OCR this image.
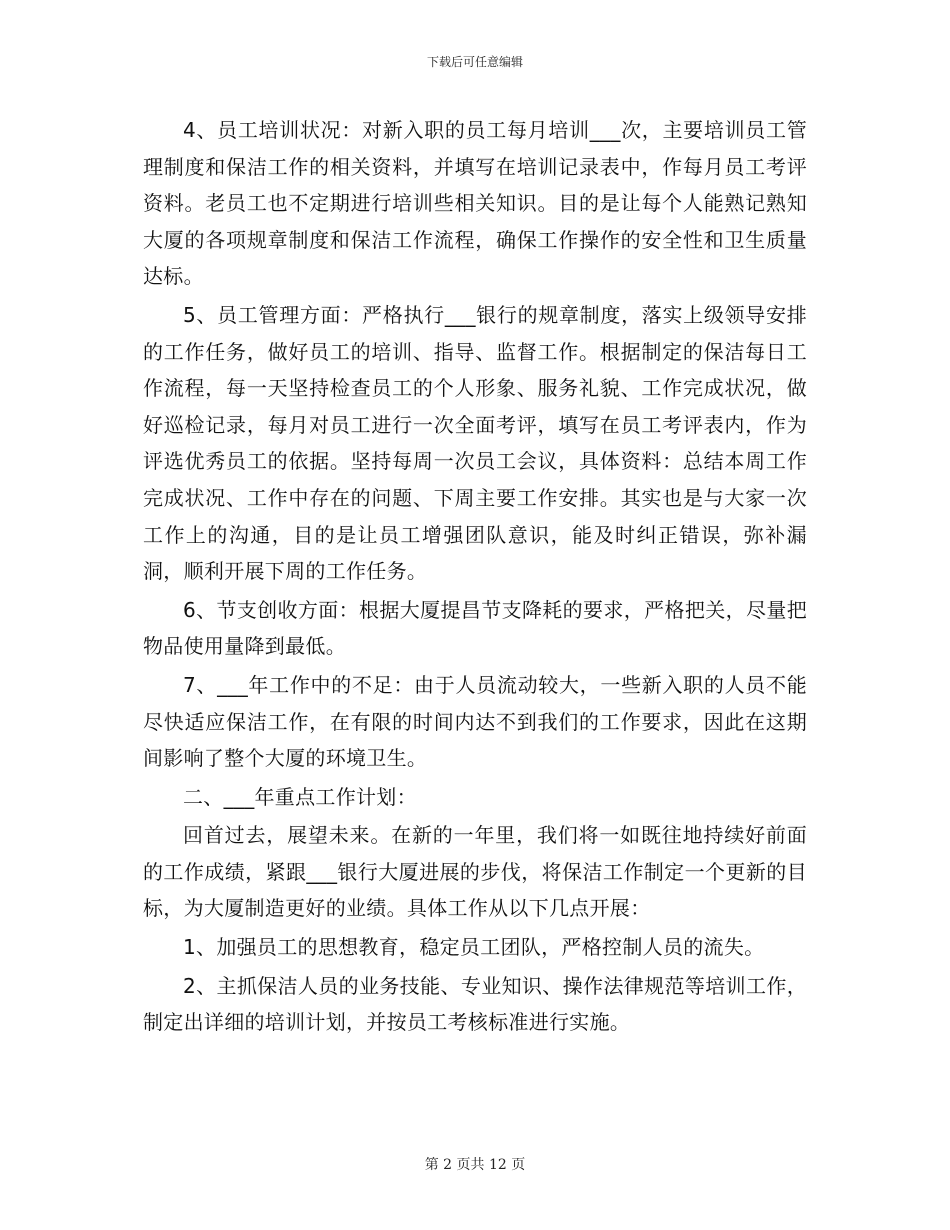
下载后可任意编辑

4、员工培训状况：对新入职的员工每月培训___次，主要培训员工管理制度和保洁工作的相关资料，并填写在培训记录表中，作每月员工考评资料。老员工也不定期进行培训些相关知识。目的是让每个人能熟记熟知大厦的各项规章制度和保洁工作流程，确保工作操作的安全性和卫生质量达标。

5、员工管理方面：严格执行___银行的规章制度，落实上级领导安排的工作任务，做好员工的培训、指导、监督工作。根据制定的保洁每日工作流程，每一天坚持检查员工的个人形象、服务礼貌、工作完成状况，做好巡检记录，每月对员工进行一次全面考评，填写在员工考评表内，作为评选优秀员工的依据。坚持每周一次员工会议，具体资料：总结本周工作完成状况、工作中存在的问题、下周主要工作安排。其实也是与大家一次工作上的沟通，目的是让员工增强团队意识，能及时纠正错误，弥补漏洞，顺利开展下周的工作任务。

6、节支创收方面：根据大厦提昌节支降耗的要求，严格把关，尽量把物品使用量降到最低。

7、___年工作中的不足：由于人员流动较大，一些新入职的人员不能尽快适应保洁工作，在有限的时间内达不到我们的工作要求，因此在这期间影响了整个大厦的环境卫生。

二、___年重点工作计划：

回首过去，展望未来。在新的一年里，我们将一如既往地持续好前面的工作成绩，紧跟___银行大厦进展的步伐，将保洁工作制定一个更新的目标，为大厦制造更好的业绩。具体工作从以下几点开展：

1、加强员工的思想教育，稳定员工团队，严格控制人员的流失。

2、主抓保洁人员的业务技能、专业知识、操作法律规范等培训工作，制定出详细的培训计划，并按员工考核标准进行实施。

第 2 页共 12 页
